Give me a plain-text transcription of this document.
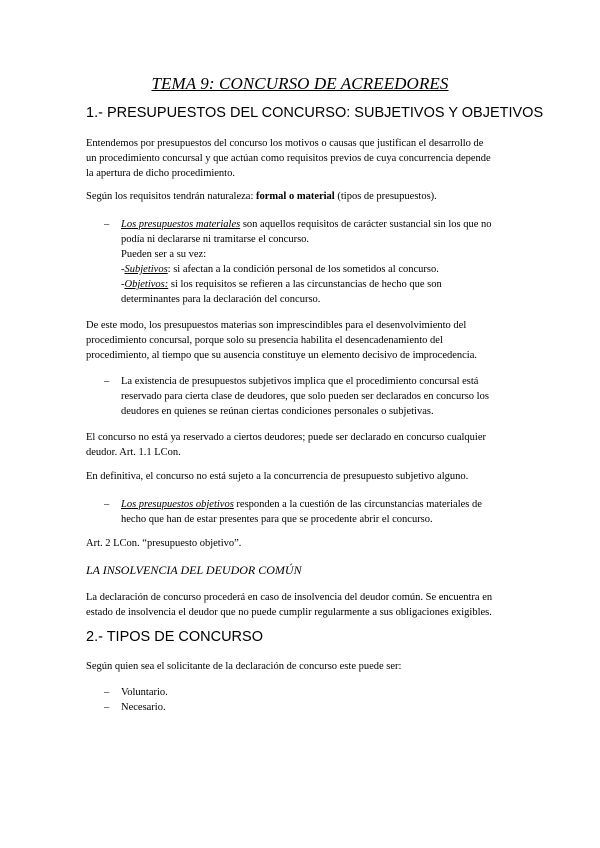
TEMA 9: CONCURSO DE ACREEDORES
1.- PRESUPUESTOS DEL CONCURSO: SUBJETIVOS Y OBJETIVOS
Entendemos por presupuestos del concurso los motivos o causas que justifican el desarrollo de
un procedimiento concursal y que actúan como requisitos previos de cuya concurrencia depende
la apertura de dicho procedimiento.
Según los requisitos tendrán naturaleza: formal o material (tipos de presupuestos).
– Los presupuestos materiales son aquellos requisitos de carácter sustancial sin los que no
podía ni declararse ni tramitarse el concurso.
Pueden ser a su vez:
-Subjetivos: si afectan a la condición personal de los sometidos al concurso.
-Objetivos: si los requisitos se refieren a las circunstancias de hecho que son
determinantes para la declaración del concurso.
De este modo, los presupuestos materias son imprescindibles para el desenvolvimiento del
procedimiento concursal, porque solo su presencia habilita el desencadenamiento del
procedimiento, al tiempo que su ausencia constituye un elemento decisivo de improcedencia.
– La existencia de presupuestos subjetivos implica que el procedimiento concursal está
reservado para cierta clase de deudores, que solo pueden ser declarados en concurso los
deudores en quienes se reúnan ciertas condiciones personales o subjetivas.
El concurso no está ya reservado a ciertos deudores; puede ser declarado en concurso cualquier
deudor. Art. 1.1 LCon.
En definitiva, el concurso no está sujeto a la concurrencia de presupuesto subjetivo alguno.
– Los presupuestos objetivos responden a la cuestión de las circunstancias materiales de
hecho que han de estar presentes para que se procedente abrir el concurso.
Art. 2 LCon. “presupuesto objetivo”.
LA INSOLVENCIA DEL DEUDOR COMÚN
La declaración de concurso procederá en caso de insolvencia del deudor común. Se encuentra en
estado de insolvencia el deudor que no puede cumplir regularmente a sus obligaciones exigibles.
2.- TIPOS DE CONCURSO
Según quien sea el solicitante de la declaración de concurso este puede ser:
– Voluntario.
– Necesario.
